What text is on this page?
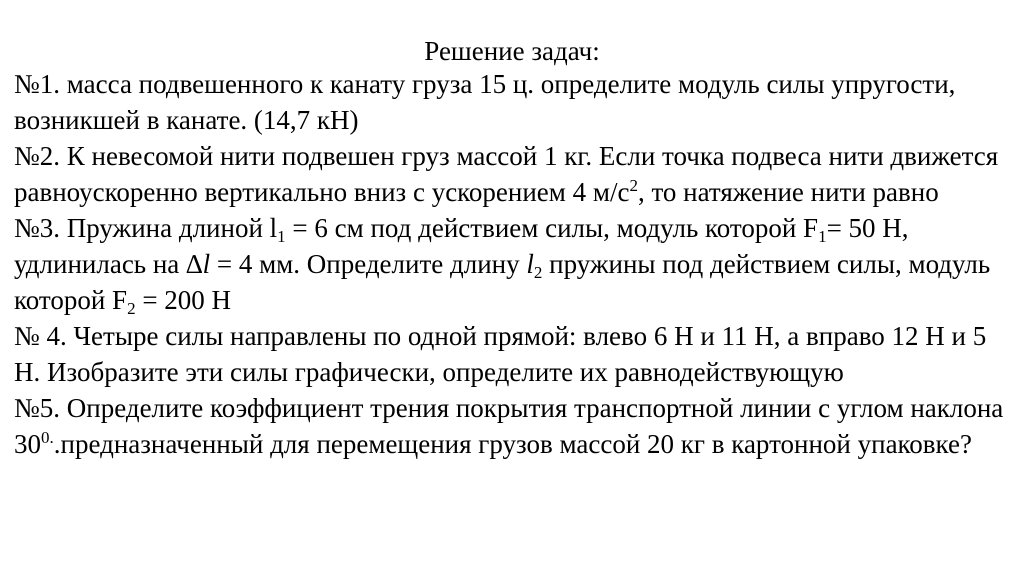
Решение задач:

№1. масса подвешенного к канату груза 15 ц. определите модуль силы упругости, возникшей в канате. (14,7 кН)

№2. К невесомой нити подвешен груз массой 1 кг. Если точка подвеса нити движется равноускоренно вертикально вниз с ускорением 4 $м/с^2$, то натяжение нити равно

№3. Пружина длиной $l_1 = 6$ см под действием силы, модуль которой $F_1= 50$ Н, удлинилась на ∆l = 4 мм. Определите длину $l_2$ пружины под действием силы, модуль которой $F_2 = 200$ Н

№ 4. Четыре силы направлены по одной прямой: влево 6 Н и 11 Н, а вправо 12 Н и 5 Н. Изобразите эти силы графически, определите их равнодействующую

№5. Определите коэффициент трения покрытия транспортной линии с углом наклона $30^{0.}.предназначенный$ для перемещения грузов массой 20 кг в картонной упаковке?
